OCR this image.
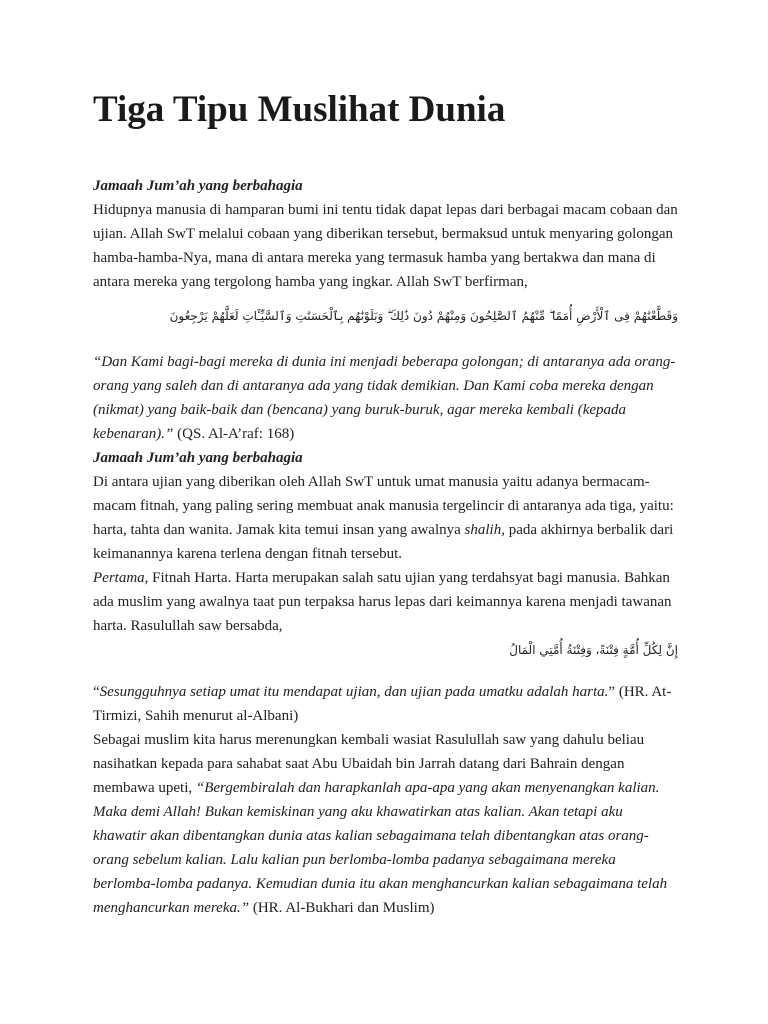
Tiga Tipu Muslihat Dunia

Jamaah Jum’ah yang berbahagia

Hidupnya manusia di hamparan bumi ini tentu tidak dapat lepas dari berbagai macam cobaan dan ujian. Allah SwT melalui cobaan yang diberikan tersebut, bermaksud untuk menyaring golongan hamba-hamba-Nya, mana di antara mereka yang termasuk hamba yang bertakwa dan mana di antara mereka yang tergolong hamba yang ingkar. Allah SwT berfirman,

وَقَطَّعْنَٰهُمْ فِى ٱلْأَرْضِ أُمَمًا ۖ مِّنْهُمُ ٱلصَّٰلِحُونَ وَمِنْهُمْ دُونَ ذَٰلِكَ ۖ وَبَلَوْنَٰهُم بِٱلْحَسَنَٰتِ وَٱلسَّيِّـَٔاتِ لَعَلَّهُمْ يَرْجِعُونَ

“Dan Kami bagi-bagi mereka di dunia ini menjadi beberapa golongan; di antaranya ada orang-orang yang saleh dan di antaranya ada yang tidak demikian. Dan Kami coba mereka dengan (nikmat) yang baik-baik dan (bencana) yang buruk-buruk, agar mereka kembali (kepada kebenaran).” (QS. Al-A’raf: 168)

Jamaah Jum’ah yang berbahagia

Di antara ujian yang diberikan oleh Allah SwT untuk umat manusia yaitu adanya bermacam-macam fitnah, yang paling sering membuat anak manusia tergelincir di antaranya ada tiga, yaitu: harta, tahta dan wanita. Jamak kita temui insan yang awalnya shalih, pada akhirnya berbalik dari keimanannya karena terlena dengan fitnah tersebut.

Pertama, Fitnah Harta. Harta merupakan salah satu ujian yang terdahsyat bagi manusia. Bahkan ada muslim yang awalnya taat pun terpaksa harus lepas dari keimannya karena menjadi tawanan harta. Rasulullah saw bersabda,

إِنَّ لِكُلِّ أُمَّةٍ فِتْنَةً، وَفِتْنَةُ أُمَّتِي الْمَالُ

“Sesungguhnya setiap umat itu mendapat ujian, dan ujian pada umatku adalah harta.” (HR. At-Tirmizi, Sahih menurut al-Albani)

Sebagai muslim kita harus merenungkan kembali wasiat Rasulullah saw yang dahulu beliau nasihatkan kepada para sahabat saat Abu Ubaidah bin Jarrah datang dari Bahrain dengan membawa upeti, “Bergembiralah dan harapkanlah apa-apa yang akan menyenangkan kalian. Maka demi Allah! Bukan kemiskinan yang aku khawatirkan atas kalian. Akan tetapi aku khawatir akan dibentangkan dunia atas kalian sebagaimana telah dibentangkan atas orang-orang sebelum kalian. Lalu kalian pun berlomba-lomba padanya sebagaimana mereka berlomba-lomba padanya. Kemudian dunia itu akan menghancurkan kalian sebagaimana telah menghancurkan mereka.” (HR. Al-Bukhari dan Muslim)
